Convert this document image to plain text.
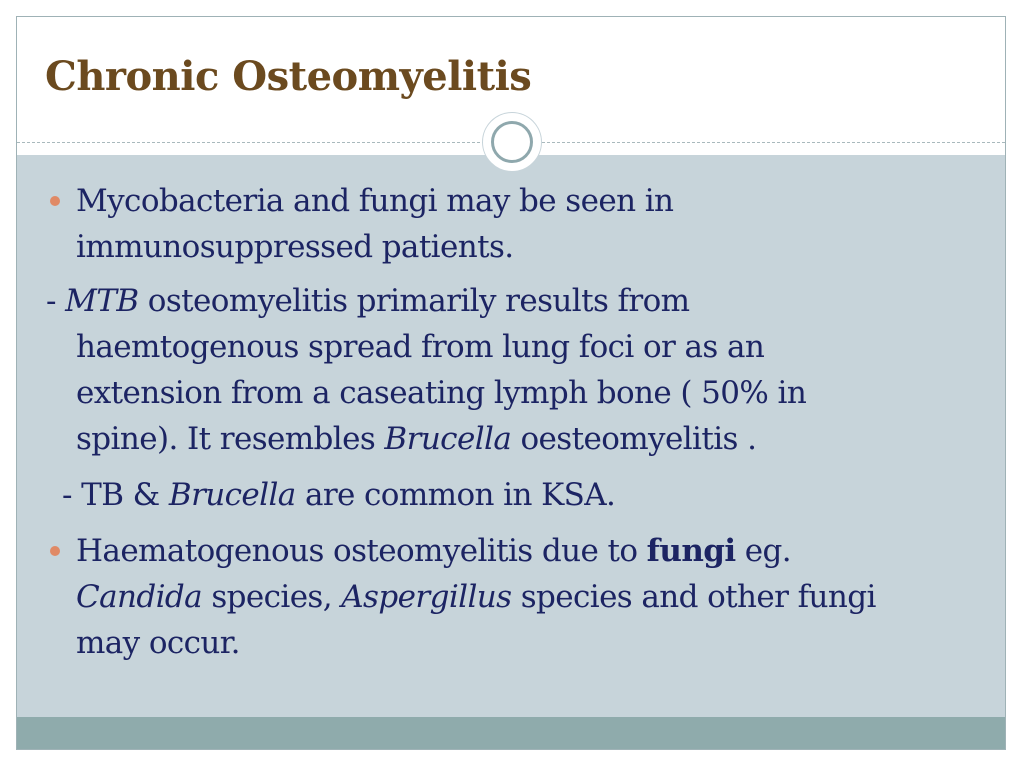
Chronic Osteomyelitis
Mycobacteria and fungi may be seen in
immunosuppressed patients.
- MTB osteomyelitis primarily results from
haemtogenous spread from lung foci or as an
extension from a caseating lymph bone ( 50% in
spine). It resembles Brucella oesteomyelitis .
- TB & Brucella are common in KSA.
Haematogenous osteomyelitis due to fungi eg.
Candida species, Aspergillus species and other fungi
may occur.
